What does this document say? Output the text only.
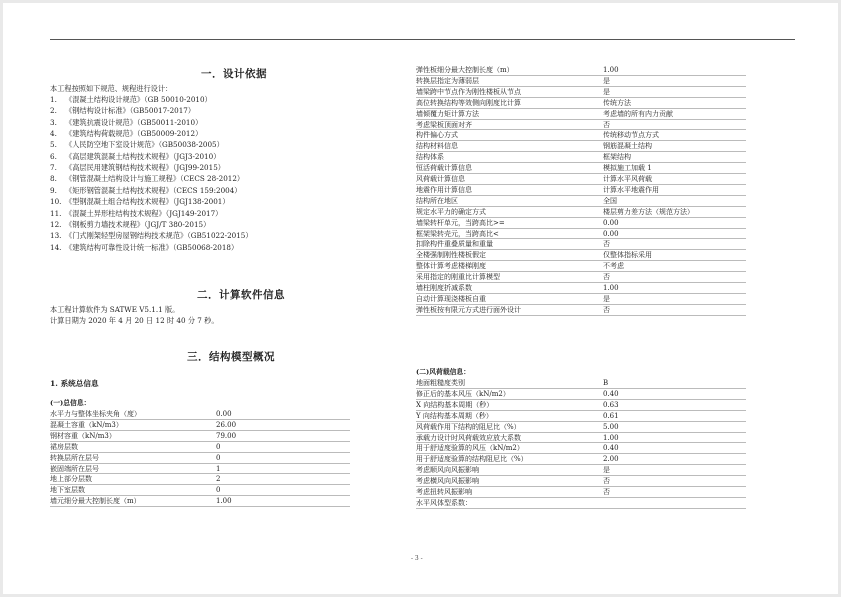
一．设计依据
本工程按照如下规范、规程进行设计：
1. 《混凝土结构设计规范》（GB 50010-2010）
2. 《钢结构设计标准》（GB50017-2017）
3. 《建筑抗震设计规范》（GB50011-2010）
4. 《建筑结构荷载规范》（GB50009-2012）
5. 《人民防空地下室设计规范》（GB50038-2005）
6. 《高层建筑混凝土结构技术规程》（JGJ3-2010）
7. 《高层民用建筑钢结构技术规程》（JGJ99-2015）
8. 《钢管混凝土结构设计与施工规程》（CECS 28-2012）
9. 《矩形钢管混凝土结构技术规程》（CECS 159:2004）
10. 《型钢混凝土组合结构技术规程》（JGJ138-2001）
11. 《混凝土异形柱结构技术规程》（JGJ149-2017）
12. 《钢板剪力墙技术规程》（JGJ/T 380-2015）
13. 《门式刚架轻型房屋钢结构技术规范》（GB51022-2015）
14. 《建筑结构可靠性设计统一标准》（GB50068-2018）
二．计算软件信息
本工程计算软件为 SATWE V5.1.1 版。
计算日期为 2020 年 4 月 20 日 12 时 40 分 7 秒。
三．结构模型概况
1. 系统总信息
(一)总信息：
水平力与整体坐标夹角（度）	0.00
混凝土容重（kN/m3）	26.00
钢材容重（kN/m3）	79.00
裙房层数	0
转换层所在层号	0
嵌固端所在层号	1
地上部分层数	2
地下室层数	0
墙元细分最大控制长度（m）	1.00
弹性板细分最大控制长度（m）	1.00
转换层指定为薄弱层	是
墙梁跨中节点作为刚性楼板从节点	是
高位转换结构等效侧向刚度比计算	传统方法
墙倾覆力矩计算方法	考虑墙的所有内力贡献
考虑梁板顶面对齐	否
构件偏心方式	传统移动节点方式
结构材料信息	钢筋混凝土结构
结构体系	框架结构
恒活荷载计算信息	模拟施工加载 1
风荷载计算信息	计算水平风荷载
地震作用计算信息	计算水平地震作用
结构所在地区	全国
规定水平力的确定方式	楼层剪力差方法（规范方法）
墙梁转杆单元，当跨高比>=	0.00
框架梁转壳元，当跨高比<	0.00
扣除构件重叠质量和重量	否
全楼强制刚性楼板假定	仅整体指标采用
整体计算考虑楼梯刚度	不考虑
采用指定的刚重比计算模型	否
墙柱刚度折减系数	1.00
自动计算现浇楼板自重	是
弹性板按有限元方式进行面外设计	否
(二)风荷载信息：
地面粗糙度类别	B
修正后的基本风压（kN/m2）	0.40
X 向结构基本周期（秒）	0.63
Y 向结构基本周期（秒）	0.61
风荷载作用下结构的阻尼比（%）	5.00
承载力设计时风荷载效应放大系数	1.00
用于舒适度验算的风压（kN/m2）	0.40
用于舒适度验算的结构阻尼比（%）	2.00
考虑顺风向风振影响	是
考虑横风向风振影响	否
考虑扭转风振影响	否
水平风体型系数：
- 3 -
